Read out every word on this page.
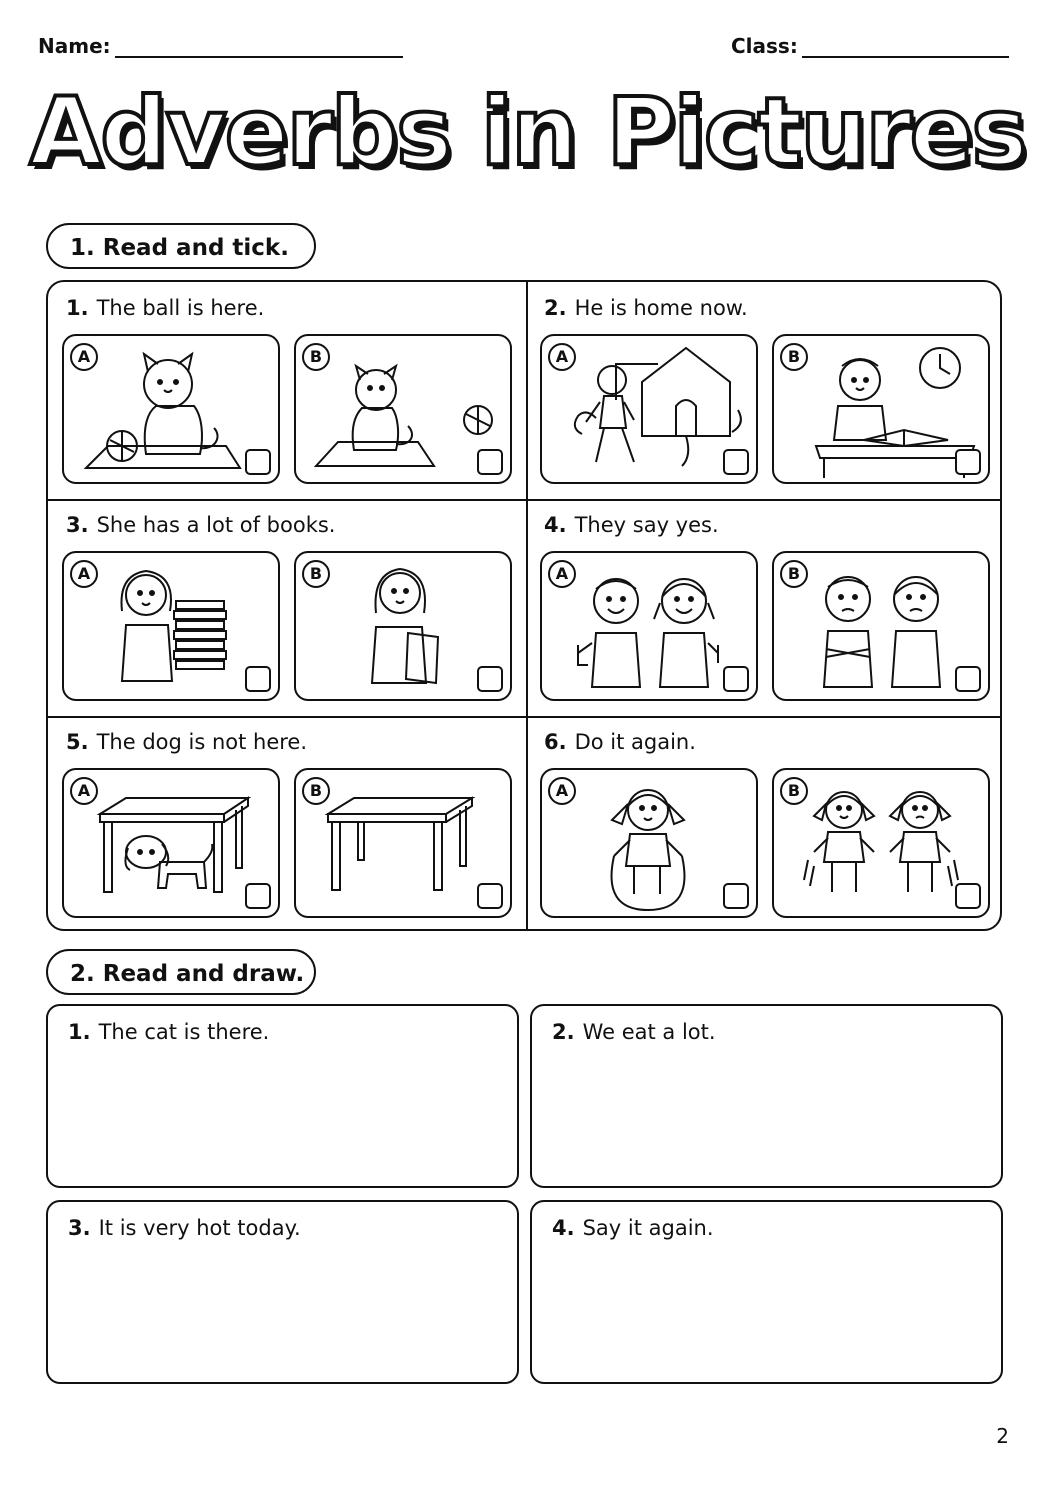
Name:	Class:
Adverbs in Pictures
1. Read and tick.
1. The ball is here.
A	B
2. He is home now.
A	B
3. She has a lot of books.
A	B
4. They say yes.
A	B
5. The dog is not here.
A	B
6. Do it again.
A	B
2. Read and draw.
1. The cat is there.	2. We eat a lot.
3. It is very hot today.	4. Say it again.
2
